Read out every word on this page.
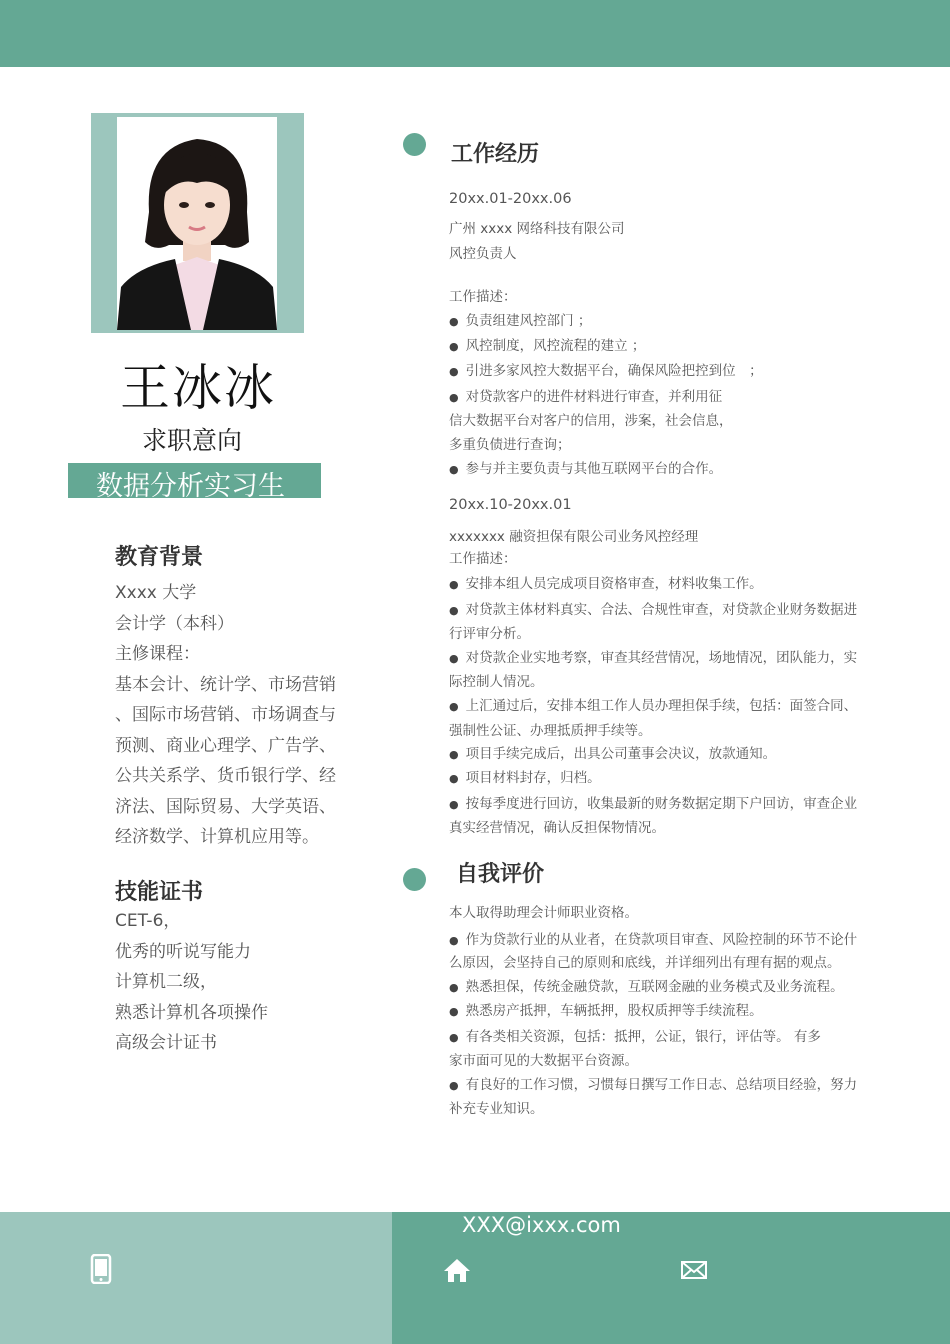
王冰冰
求职意向
数据分析实习生
教育背景
Xxxx 大学
会计学（本科）
主修课程：
基本会计、统计学、市场营销
、国际市场营销、市场调查与
预测、商业心理学、广告学、
公共关系学、货币银行学、经
济法、国际贸易、大学英语、
经济数学、计算机应用等。
技能证书
CET-6，
优秀的听说写能力
计算机二级，
熟悉计算机各项操作
高级会计证书
工作经历
20xx.01-20xx.06
广州 xxxx 网络科技有限公司
风控负责人
工作描述：
● 负责组建风控部门 ；
● 风控制度，风控流程的建立 ；
● 引进多家风控大数据平台，确保风险把控到位　；
● 对贷款客户的进件材料进行审查，并利用征
信大数据平台对客户的信用，涉案，社会信息，
多重负债进行查询；
● 参与并主要负责与其他互联网平台的合作。
20xx.10-20xx.01
xxxxxxx 融资担保有限公司业务风控经理
工作描述：
● 安排本组人员完成项目资格审查，材料收集工作。
● 对贷款主体材料真实、合法、合规性审查，对贷款企业财务数据进
行评审分析。
● 对贷款企业实地考察，审查其经营情况，场地情况，团队能力，实
际控制人情况。
● 上汇通过后，安排本组工作人员办理担保手续，包括：面签合同、
强制性公证、办理抵质押手续等。
● 项目手续完成后，出具公司董事会决议，放款通知。
● 项目材料封存，归档。
● 按每季度进行回访，收集最新的财务数据定期下户回访，审查企业
真实经营情况，确认反担保物情况。
自我评价
本人取得助理会计师职业资格。
● 作为贷款行业的从业者，在贷款项目审查、风险控制的环节不论什
么原因，会坚持自己的原则和底线，并详细列出有理有据的观点。
● 熟悉担保，传统金融贷款，互联网金融的业务模式及业务流程。
● 熟悉房产抵押，车辆抵押，股权质押等手续流程。
● 有各类相关资源，包括：抵押，公证，银行，评估等。 有多
家市面可见的大数据平台资源。
● 有良好的工作习惯，习惯每日撰写工作日志、总结项目经验，努力
补充专业知识。
XXX@ixxx.com
